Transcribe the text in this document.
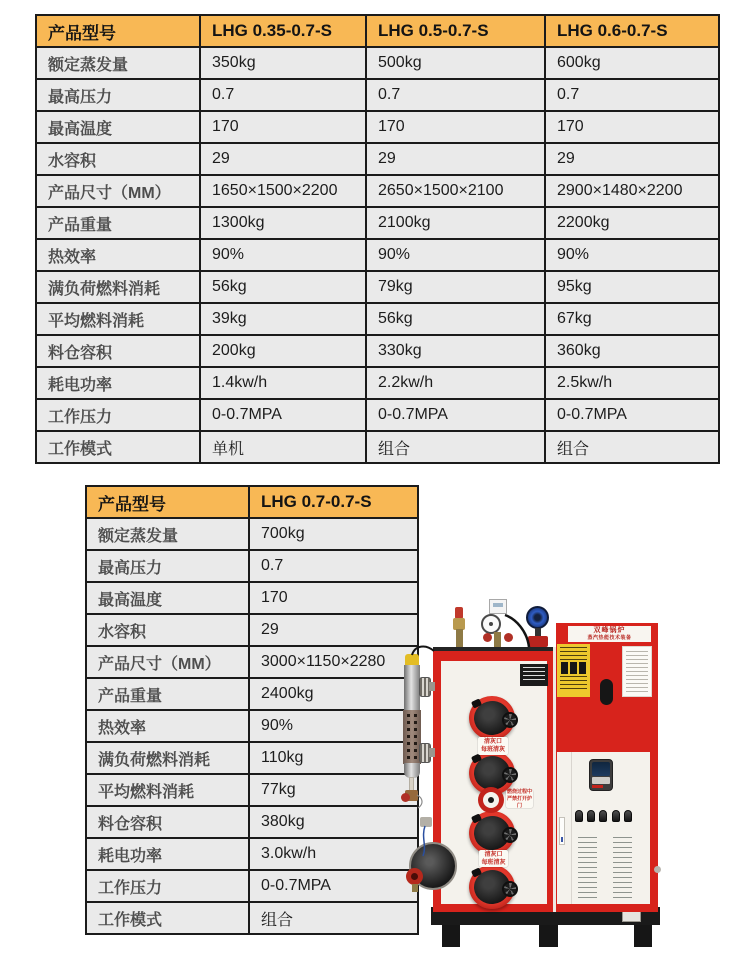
产品型号	LHG 0.35-0.7-S	LHG 0.5-0.7-S	LHG 0.6-0.7-S
额定蒸发量	350kg	500kg	600kg
最高压力	0.7	0.7	0.7
最高温度	170	170	170
水容积	29	29	29
产品尺寸（MM）	1650×1500×2200	2650×1500×2100	2900×1480×2200
产品重量	1300kg	2100kg	2200kg
热效率	90%	90%	90%
满负荷燃料消耗	56kg	79kg	95kg
平均燃料消耗	39kg	56kg	67kg
料仓容积	200kg	330kg	360kg
耗电功率	1.4kw/h	2.2kw/h	2.5kw/h
工作压力	0-0.7MPA	0-0.7MPA	0-0.7MPA
工作模式	单机	组合	组合
产品型号	LHG 0.7-0.7-S
额定蒸发量	700kg
最高压力	0.7
最高温度	170
水容积	29
产品尺寸（MM）	3000×1150×2280
产品重量	2400kg
热效率	90%
满负荷燃料消耗	110kg
平均燃料消耗	77kg
料仓容积	380kg
耗电功率	3.0kw/h
工作压力	0-0.7MPA
工作模式	组合
双峰锅炉
蒸汽热能技术装备
清灰口
每班清灰
燃烧过程中
严禁打开炉门
清灰口
每班清灰
